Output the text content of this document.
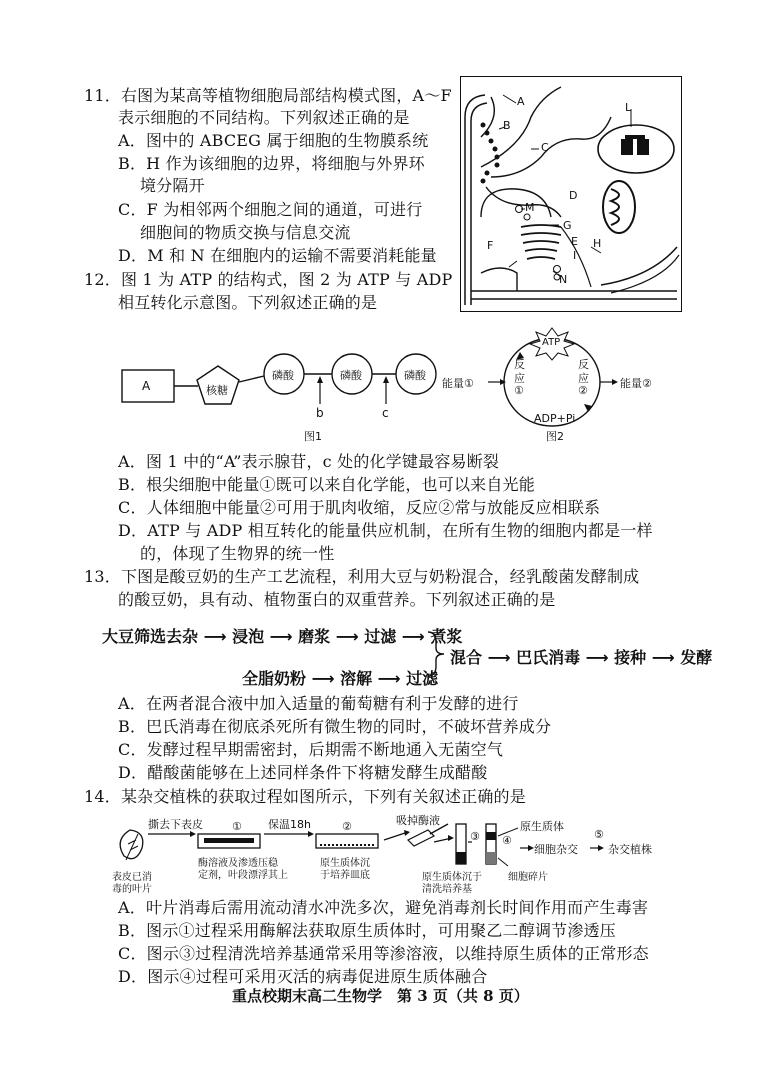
11．右图为某高等植物细胞局部结构模式图，A～F
表示细胞的不同结构。下列叙述正确的是
A．图中的 ABCEG 属于细胞的生物膜系统
B．H 作为该细胞的边界，将细胞与外界环
境分隔开
C．F 为相邻两个细胞之间的通道，可进行
细胞间的物质交换与信息交流
D．M 和 N 在细胞内的运输不需要消耗能量
A
B
C
D
E
F
G
H
I
L
M
N
12．图 1 为 ATP 的结构式，图 2 为 ATP 与 ADP
相互转化示意图。下列叙述正确的是
A	核糖
磷酸	磷酸	磷酸
b	c
图1
ATP
反
应
①
反
应
②
能量①	能量②
ADP+Pi
图2
A．图 1 中的“A”表示腺苷，c 处的化学键最容易断裂
B．根尖细胞中能量①既可以来自化学能，也可以来自光能
C．人体细胞中能量②可用于肌肉收缩，反应②常与放能反应相联系
D．ATP 与 ADP 相互转化的能量供应机制，在所有生物的细胞内都是一样
的，体现了生物界的统一性
13．下图是酸豆奶的生产工艺流程，利用大豆与奶粉混合，经乳酸菌发酵制成
的酸豆奶，具有动、植物蛋白的双重营养。下列叙述正确的是
大豆筛选去杂 ⟶ 浸泡 ⟶ 磨浆 ⟶ 过滤 ⟶ 煮浆
全脂奶粉 ⟶ 溶解 ⟶ 过滤
混合 ⟶ 巴氏消毒 ⟶ 接种 ⟶ 发酵
A．在两者混合液中加入适量的葡萄糖有利于发酵的进行
B．巴氏消毒在彻底杀死所有微生物的同时，不破坏营养成分
C．发酵过程早期需密封，后期需不断地通入无菌空气
D．醋酸菌能够在上述同样条件下将糖发酵生成醋酸
14．某杂交植株的获取过程如图所示，下列有关叙述正确的是
撕去下表皮	① 保温18h	②	吸掉酶液
③ ④
原生质体
细胞杂交
⑤
杂交植株
表皮已消
毒的叶片
酶溶液及渗透压稳
定剂，叶段漂浮其上
原生质体沉
于培养皿底	原生质体沉于
清洗培养基
细胞碎片
A．叶片消毒后需用流动清水冲洗多次，避免消毒剂长时间作用而产生毒害
B．图示①过程采用酶解法获取原生质体时，可用聚乙二醇调节渗透压
C．图示③过程清洗培养基通常采用等渗溶液，以维持原生质体的正常形态
D．图示④过程可采用灭活的病毒促进原生质体融合
重点校期末高二生物学　第 3 页（共 8 页）
